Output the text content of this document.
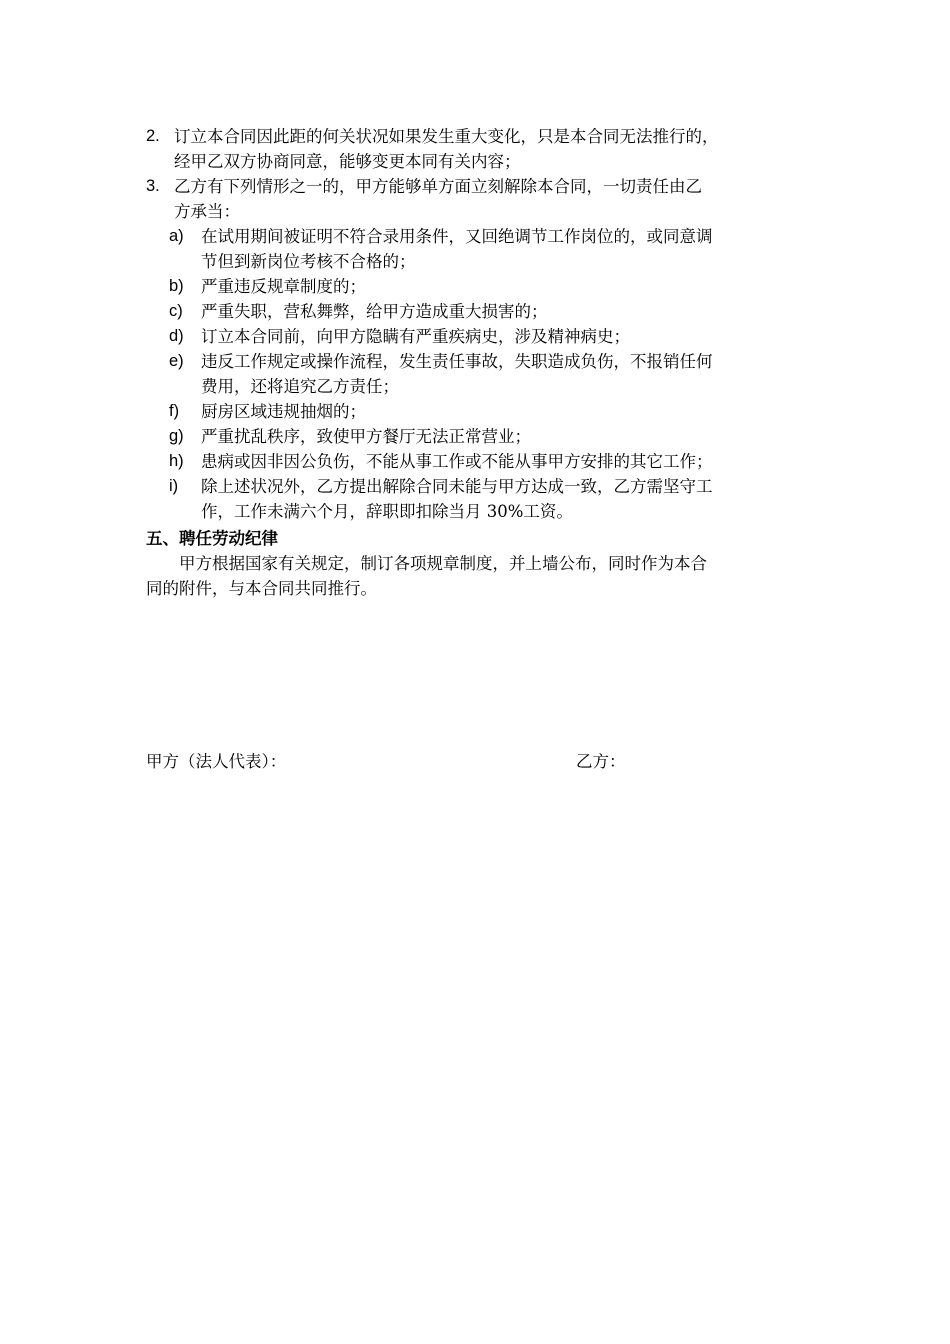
2. 订立本合同因此距的何关状况如果发生重大变化，只是本合同无法推行的，
经甲乙双方协商同意，能够变更本同有关内容；
3. 乙方有下列情形之一的，甲方能够单方面立刻解除本合同，一切责任由乙
方承当：
a) 在试用期间被证明不符合录用条件，又回绝调节工作岗位的，或同意调
节但到新岗位考核不合格的；
b) 严重违反规章制度的；
c) 严重失职，营私舞弊，给甲方造成重大损害的；
d) 订立本合同前，向甲方隐瞒有严重疾病史，涉及精神病史；
e) 违反工作规定或操作流程，发生责任事故，失职造成负伤，不报销任何
费用，还将追究乙方责任；
f) 厨房区域违规抽烟的；
g) 严重扰乱秩序，致使甲方餐厅无法正常营业；
h) 患病或因非因公负伤，不能从事工作或不能从事甲方安排的其它工作；
i) 除上述状况外，乙方提出解除合同未能与甲方达成一致，乙方需坚守工
作，工作未满六个月，辞职即扣除当月 30%工资。
五、聘任劳动纪律
甲方根据国家有关规定，制订各项规章制度，并上墙公布，同时作为本合
同的附件，与本合同共同推行。
甲方（法人代表）：	乙方：
